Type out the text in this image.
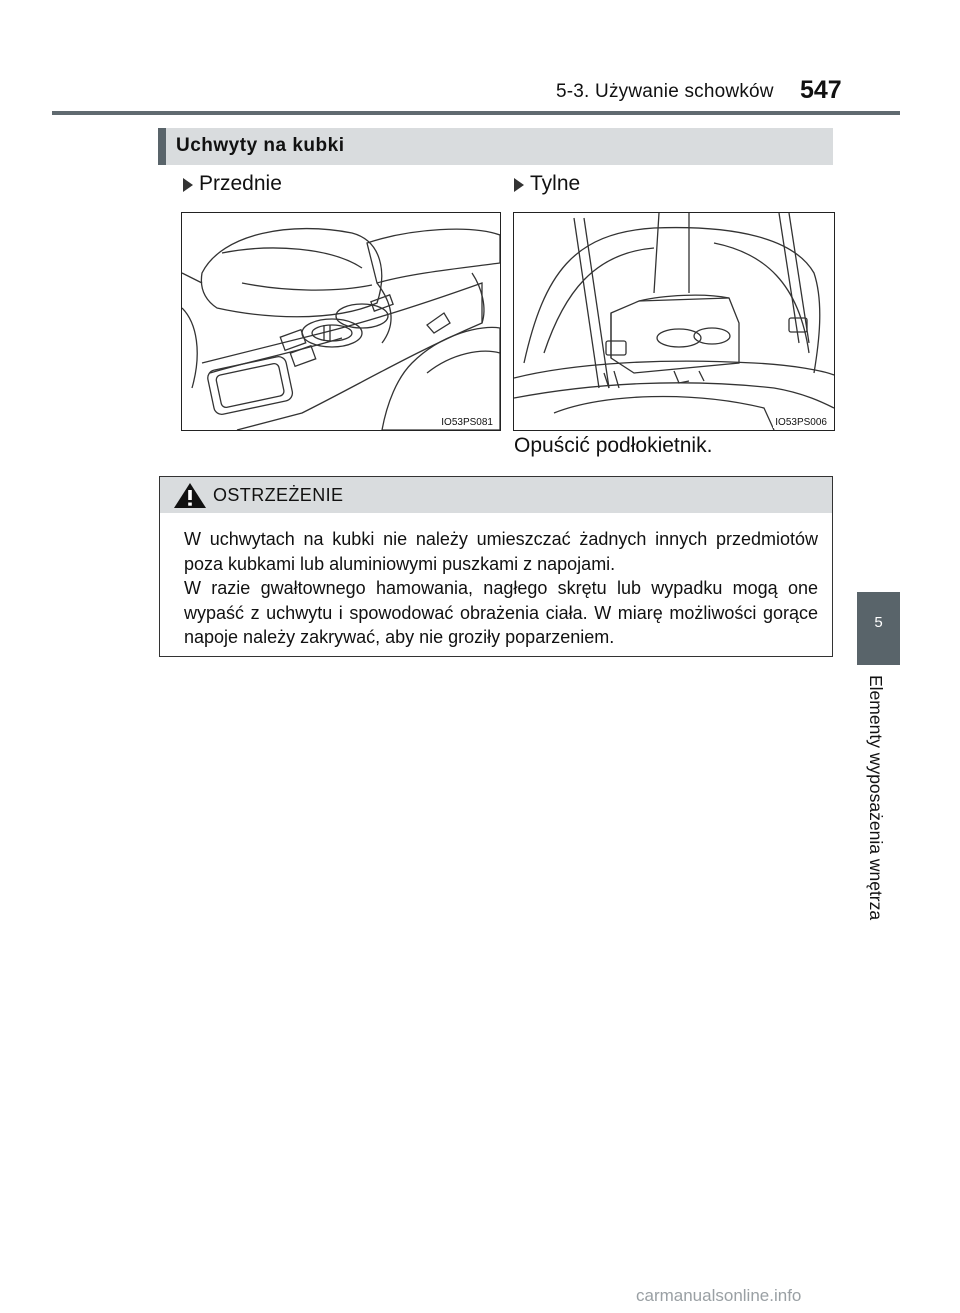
5-3. Używanie schowków 547
Uchwyty na kubki
Przednie	Tylne
IO53PS081	IO53PS006
Opuścić podłokietnik.
OSTRZEŻENIE

W uchwytach na kubki nie należy umieszczać żadnych innych przedmiotów poza kubkami lub aluminiowymi puszkami z napojami.

W razie gwałtownego hamowania, nagłego skrętu lub wypadku mogą one wypaść z uchwytu i spowodować obrażenia ciała. W miarę możliwości gorące napoje należy zakrywać, aby nie groziły poparzeniem.

5
Elementy wyposażenia wnętrza
carmanualsonline.info
